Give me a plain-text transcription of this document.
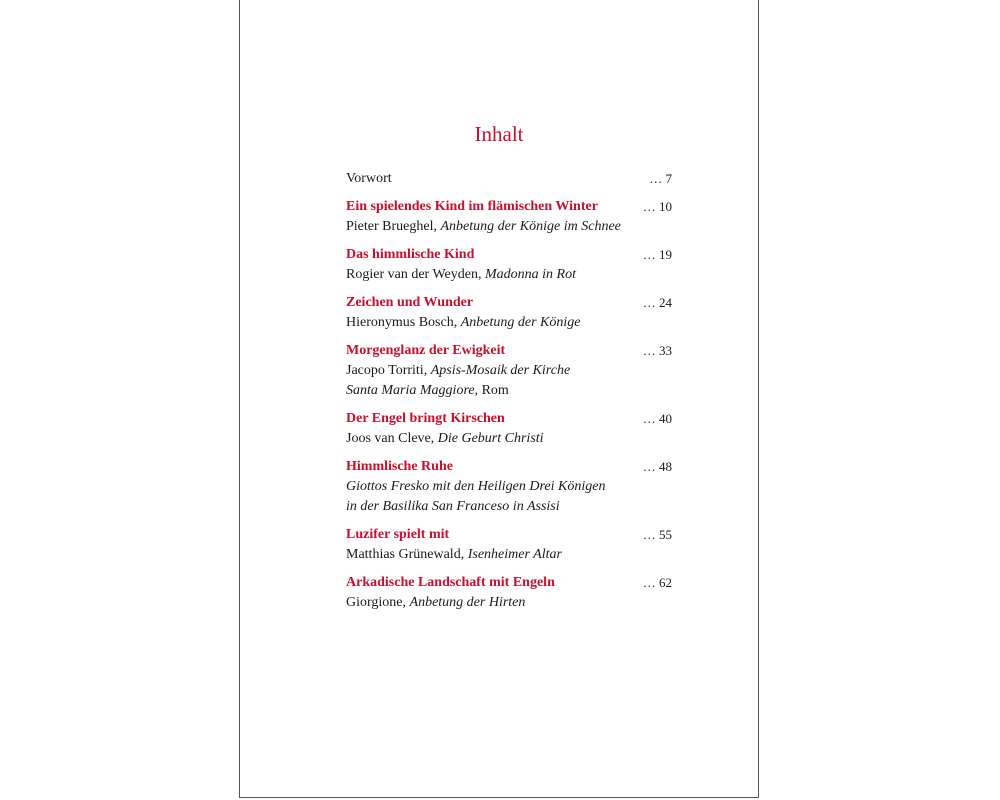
Inhalt
Vorwort	… 7
Ein spielendes Kind im flämischen Winter	… 10
Pieter Brueghel, Anbetung der Könige im Schnee
Das himmlische Kind	… 19
Rogier van der Weyden, Madonna in Rot
Zeichen und Wunder	… 24
Hieronymus Bosch, Anbetung der Könige
Morgenglanz der Ewigkeit	… 33
Jacopo Torriti, Apsis-Mosaik der Kirche
Santa Maria Maggiore, Rom
Der Engel bringt Kirschen	… 40
Joos van Cleve, Die Geburt Christi
Himmlische Ruhe	… 48
Giottos Fresko mit den Heiligen Drei Königen
in der Basilika San Franceso in Assisi
Luzifer spielt mit	… 55
Matthias Grünewald, Isenheimer Altar
Arkadische Landschaft mit Engeln	… 62
Giorgione, Anbetung der Hirten
